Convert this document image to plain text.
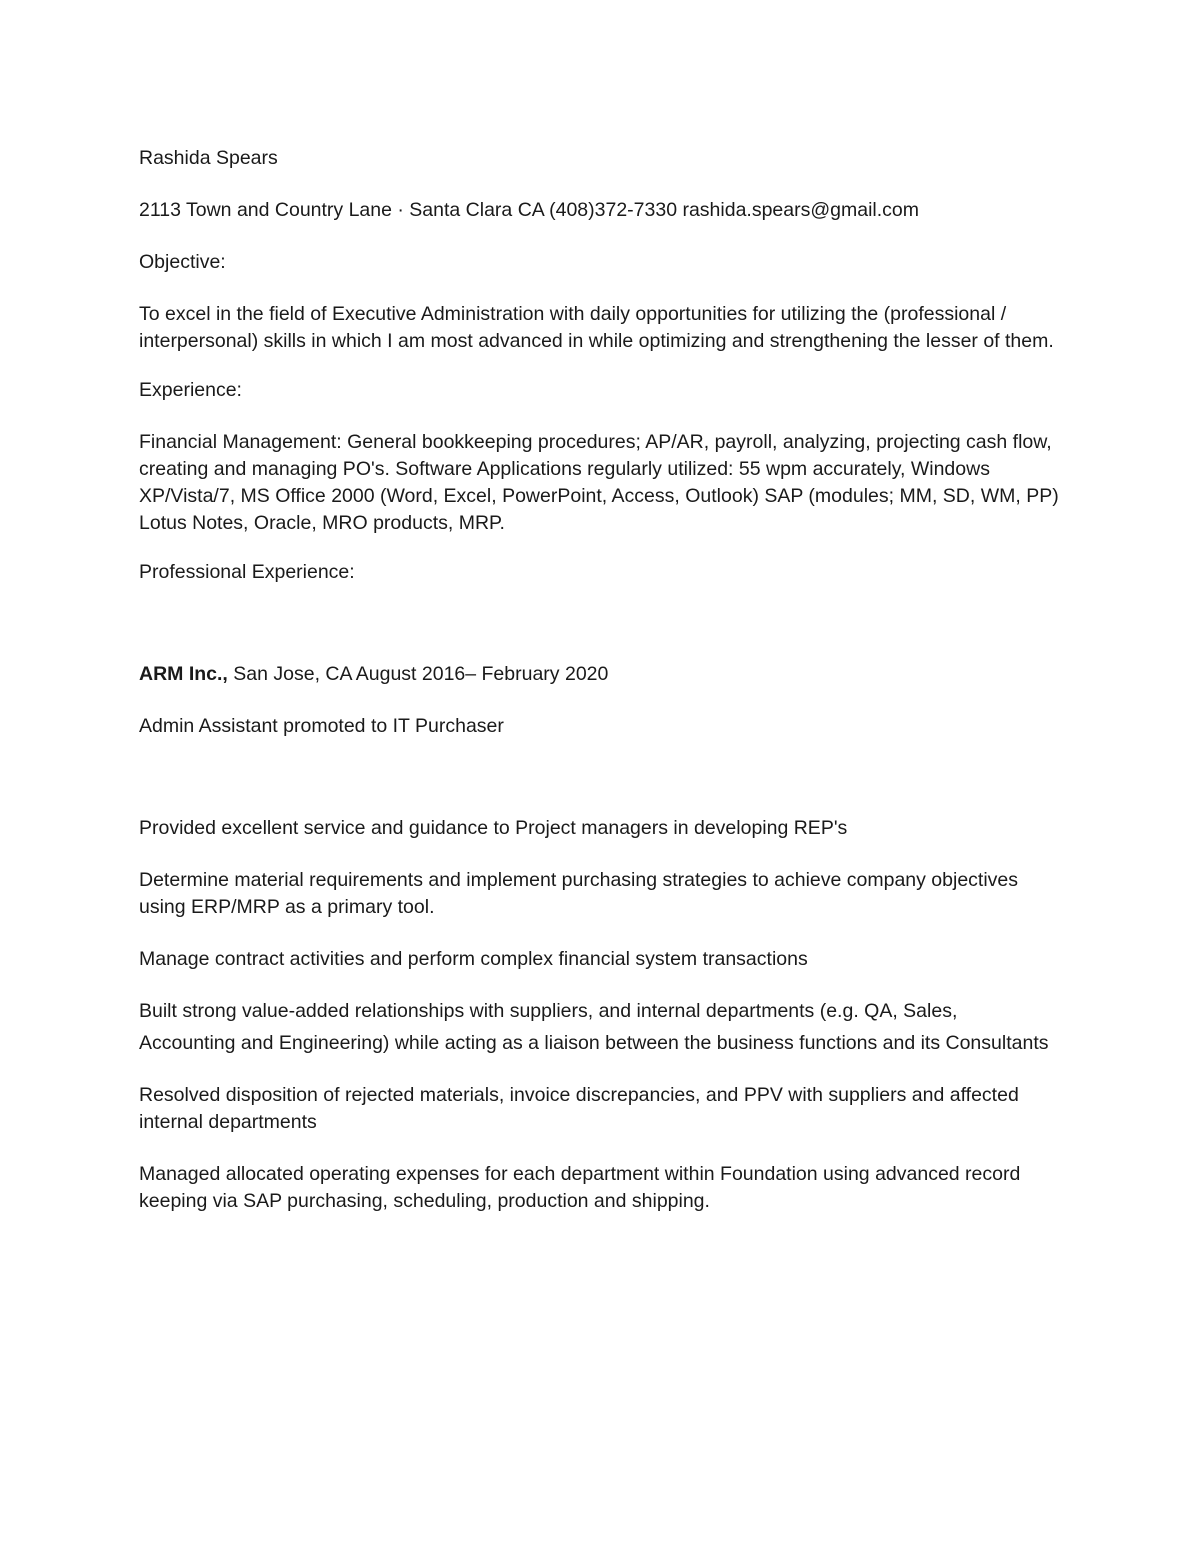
Rashida Spears

2113 Town and Country Lane · Santa Clara CA (408)372-7330 rashida.spears@gmail.com

Objective:

To excel in the field of Executive Administration with daily opportunities for utilizing the (professional / interpersonal) skills in which I am most advanced in while optimizing and strengthening the lesser of them.

Experience:

Financial Management: General bookkeeping procedures; AP/AR, payroll, analyzing, projecting cash flow, creating and managing PO's. Software Applications regularly utilized: 55 wpm accurately, Windows XP/Vista/7, MS Office 2000 (Word, Excel, PowerPoint, Access, Outlook) SAP (modules; MM, SD, WM, PP) Lotus Notes, Oracle, MRO products, MRP.

Professional Experience:

ARM Inc., San Jose, CA August 2016– February 2020

Admin Assistant promoted to IT Purchaser

Provided excellent service and guidance to Project managers in developing REP's

Determine material requirements and implement purchasing strategies to achieve company objectives using ERP/MRP as a primary tool.

Manage contract activities and perform complex financial system transactions

Built strong value-added relationships with suppliers, and internal departments (e.g. QA, Sales,
Accounting and Engineering) while acting as a liaison between the business functions and its Consultants

Resolved disposition of rejected materials, invoice discrepancies, and PPV with suppliers and affected internal departments

Managed allocated operating expenses for each department within Foundation using advanced record keeping via SAP purchasing, scheduling, production and shipping.
